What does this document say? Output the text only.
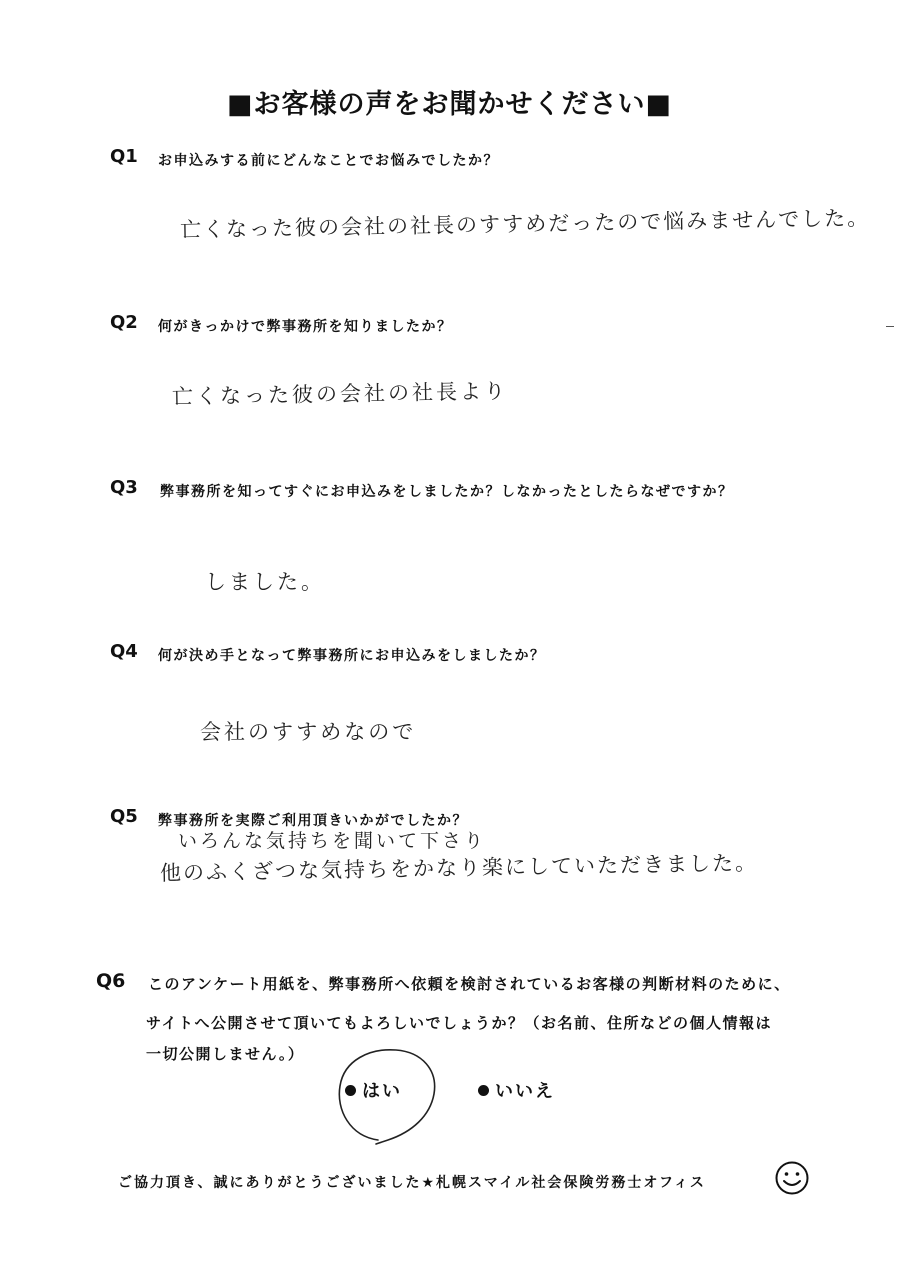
■お客様の声をお聞かせください■
Q1 お申込みする前にどんなことでお悩みでしたか？
亡くなった彼の会社の社長のすすめだったので悩みませんでした。
Q2 何がきっかけで弊事務所を知りましたか？
亡くなった彼の会社の社長より
Q3 弊事務所を知ってすぐにお申込みをしましたか？しなかったとしたらなぜですか？
しました。
Q4 何が決め手となって弊事務所にお申込みをしましたか？
会社のすすめなので
Q5 弊事務所を実際ご利用頂きいかがでしたか？
いろんな気持ちを聞いて下さり
他のふくざつな気持ちをかなり楽にしていただきました。
Q6 このアンケート用紙を、弊事務所へ依頼を検討されているお客様の判断材料のために、
サイトへ公開させて頂いてもよろしいでしょうか？（お名前、住所などの個人情報は
一切公開しません。）
はい	いいえ
ご協力頂き、誠にありがとうございました★札幌スマイル社会保険労務士オフィス
